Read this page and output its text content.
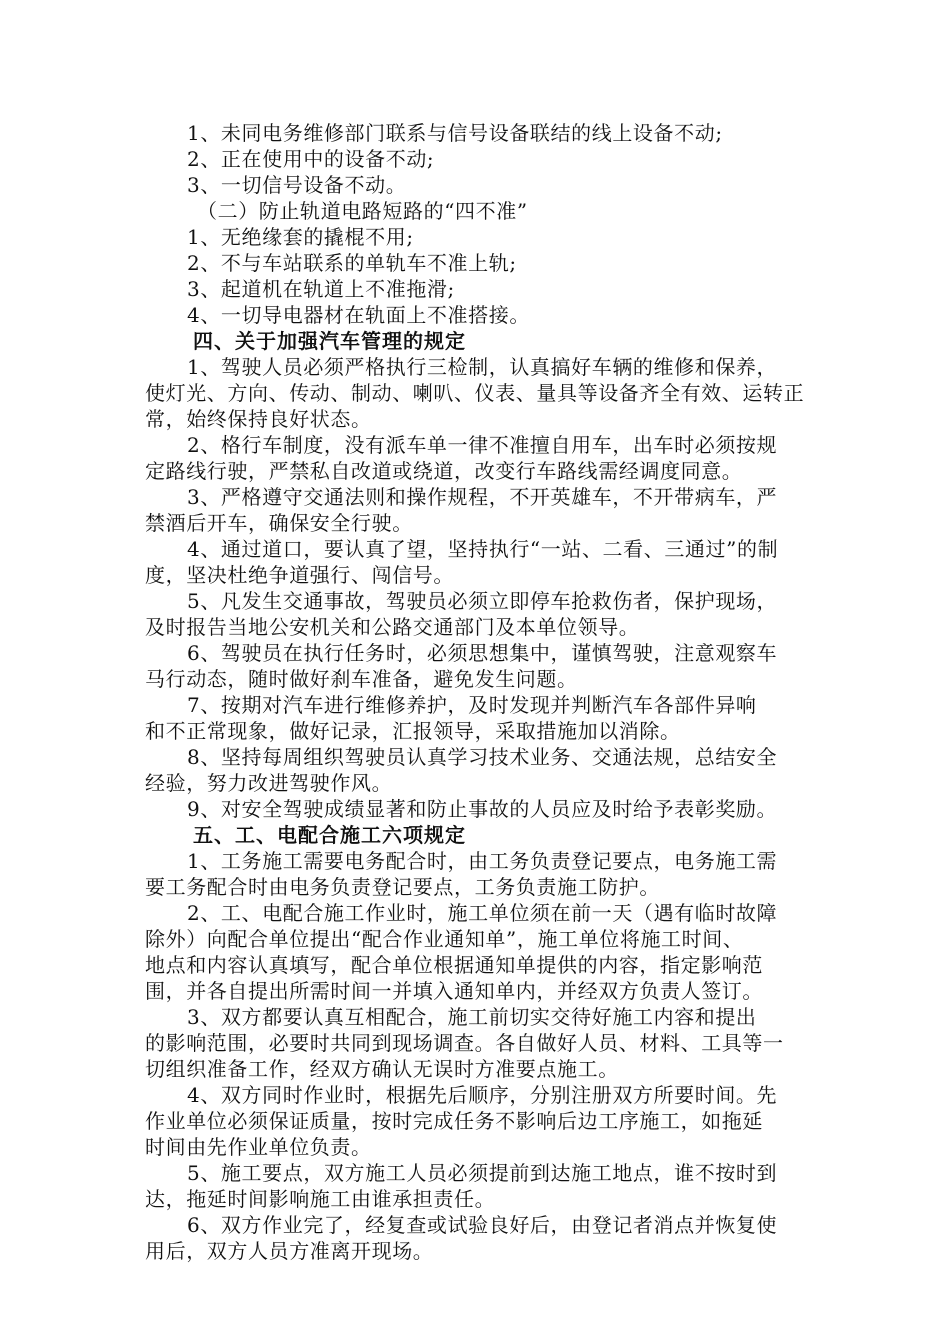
1、未同电务维修部门联系与信号设备联结的线上设备不动;
2、正在使用中的设备不动;
3、一切信号设备不动。
（二）防止轨道电路短路的“四不准”
1、无绝缘套的撬棍不用;
2、不与车站联系的单轨车不准上轨;
3、起道机在轨道上不准拖滑;
4、一切导电器材在轨面上不准搭接。
四、关于加强汽车管理的规定
1、驾驶人员必须严格执行三检制，认真搞好车辆的维修和保养，
使灯光、方向、传动、制动、喇叭、仪表、量具等设备齐全有效、运转正
常，始终保持良好状态。
2、格行车制度，没有派车单一律不准擅自用车，出车时必须按规
定路线行驶，严禁私自改道或绕道，改变行车路线需经调度同意。
3、严格遵守交通法则和操作规程，不开英雄车，不开带病车，严
禁酒后开车，确保安全行驶。
4、通过道口，要认真了望，坚持执行“一站、二看、三通过”的制
度，坚决杜绝争道强行、闯信号。
5、凡发生交通事故，驾驶员必须立即停车抢救伤者，保护现场，
及时报告当地公安机关和公路交通部门及本单位领导。
6、驾驶员在执行任务时，必须思想集中，谨慎驾驶，注意观察车
马行动态，随时做好刹车准备，避免发生问题。
7、按期对汽车进行维修养护，及时发现并判断汽车各部件异响
和不正常现象，做好记录，汇报领导，采取措施加以消除。
8、坚持每周组织驾驶员认真学习技术业务、交通法规，总结安全
经验，努力改进驾驶作风。
9、对安全驾驶成绩显著和防止事故的人员应及时给予表彰奖励。
五、工、电配合施工六项规定
1、工务施工需要电务配合时，由工务负责登记要点，电务施工需
要工务配合时由电务负责登记要点，工务负责施工防护。
2、工、电配合施工作业时，施工单位须在前一天（遇有临时故障
除外）向配合单位提出“配合作业通知单”，施工单位将施工时间、
地点和内容认真填写，配合单位根据通知单提供的内容，指定影响范
围，并各自提出所需时间一并填入通知单内，并经双方负责人签订。
3、双方都要认真互相配合，施工前切实交待好施工内容和提出
的影响范围，必要时共同到现场调查。各自做好人员、材料、工具等一
切组织准备工作，经双方确认无误时方准要点施工。
4、双方同时作业时，根据先后顺序，分别注册双方所要时间。先
作业单位必须保证质量，按时完成任务不影响后边工序施工，如拖延
时间由先作业单位负责。
5、施工要点，双方施工人员必须提前到达施工地点，谁不按时到
达，拖延时间影响施工由谁承担责任。
6、双方作业完了，经复查或试验良好后，由登记者消点并恢复使
用后，双方人员方准离开现场。
